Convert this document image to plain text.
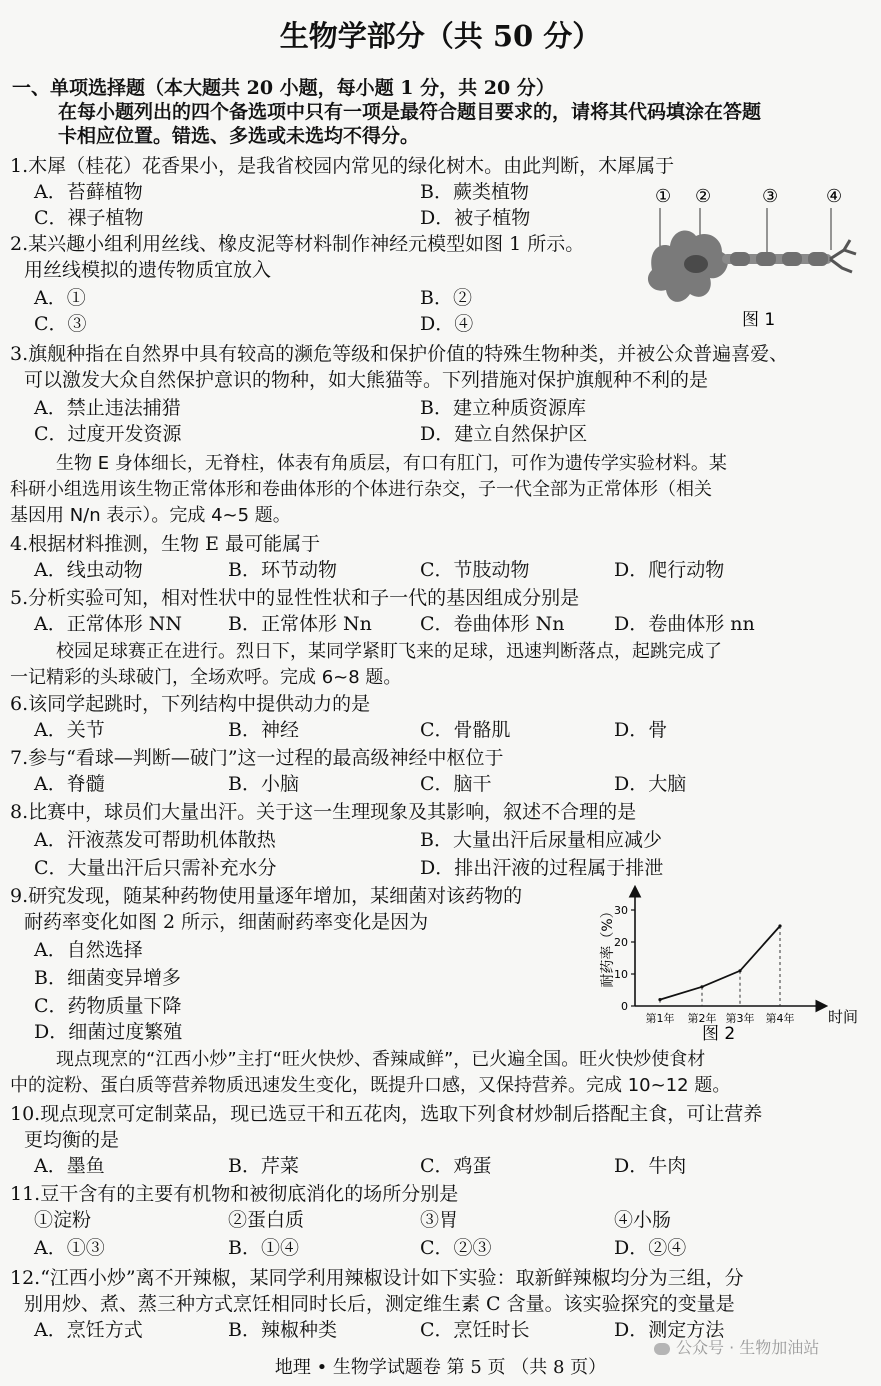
生物学部分（共 50 分）
一、单项选择题（本大题共 20 小题，每小题 1 分，共 20 分）
在每小题列出的四个备选项中只有一项是最符合题目要求的，请将其代码填涂在答题
卡相应位置。错选、多选或未选均不得分。
1.木犀（桂花）花香果小，是我省校园内常见的绿化树木。由此判断，木犀属于
A．苔藓植物	B．蕨类植物
C．裸子植物	D．被子植物
① ②	③	④
图 1
2.某兴趣小组利用丝线、橡皮泥等材料制作神经元模型如图 1 所示。
用丝线模拟的遗传物质宜放入
A．①	B．②
C．③	D．④
3.旗舰种指在自然界中具有较高的濒危等级和保护价值的特殊生物种类，并被公众普遍喜爱、
可以激发大众自然保护意识的物种，如大熊猫等。下列措施对保护旗舰种不利的是
A．禁止违法捕猎	B．建立种质资源库
C．过度开发资源	D．建立自然保护区
生物 E 身体细长，无脊柱，体表有角质层，有口有肛门，可作为遗传学实验材料。某
科研小组选用该生物正常体形和卷曲体形的个体进行杂交，子一代全部为正常体形（相关
基因用 N/n 表示）。完成 4~5 题。
4.根据材料推测，生物 E 最可能属于
A．线虫动物	B．环节动物	C．节肢动物	D．爬行动物
5.分析实验可知，相对性状中的显性性状和子一代的基因组成分别是
A．正常体形 NN B．正常体形 Nn	C．卷曲体形 Nn	D．卷曲体形 nn
校园足球赛正在进行。烈日下，某同学紧盯飞来的足球，迅速判断落点，起跳完成了
一记精彩的头球破门，全场欢呼。完成 6~8 题。
6.该同学起跳时，下列结构中提供动力的是
A．关节	B．神经	C．骨骼肌	D．骨
7.参与“看球—判断—破门”这一过程的最高级神经中枢位于
A．脊髓	B．小脑	C．脑干	D．大脑
8.比赛中，球员们大量出汗。关于这一生理现象及其影响，叙述不合理的是
A．汗液蒸发可帮助机体散热	B．大量出汗后尿量相应减少
C．大量出汗后只需补充水分	D．排出汗液的过程属于排泄
9.研究发现，随某种药物使用量逐年增加，某细菌对该药物的
耐药率变化如图 2 所示，细菌耐药率变化是因为
A．自然选择
B．细菌变异增多
C．药物质量下降
D．细菌过度繁殖
耐药率（%）
时间
0
10
20
30
第1年 第2年 第3年 第4年
图 2
现点现烹的“江西小炒”主打“旺火快炒、香辣咸鲜”，已火遍全国。旺火快炒使食材
中的淀粉、蛋白质等营养物质迅速发生变化，既提升口感，又保持营养。完成 10~12 题。
10.现点现烹可定制菜品，现已选豆干和五花肉，选取下列食材炒制后搭配主食，可让营养
更均衡的是
A．墨鱼	B．芹菜	C．鸡蛋	D．牛肉
11.豆干含有的主要有机物和被彻底消化的场所分别是
①淀粉	②蛋白质	③胃	④小肠
A．①③	B．①④	C．②③	D．②④
12.“江西小炒”离不开辣椒，某同学利用辣椒设计如下实验：取新鲜辣椒均分为三组，分
别用炒、煮、蒸三种方式烹饪相同时长后，测定维生素 C 含量。该实验探究的变量是
A．烹饪方式	B．辣椒种类	C．烹饪时长	D．测定方法
地理 • 生物学试题卷 第 5 页 （共 8 页）
公众号 · 生物加油站
